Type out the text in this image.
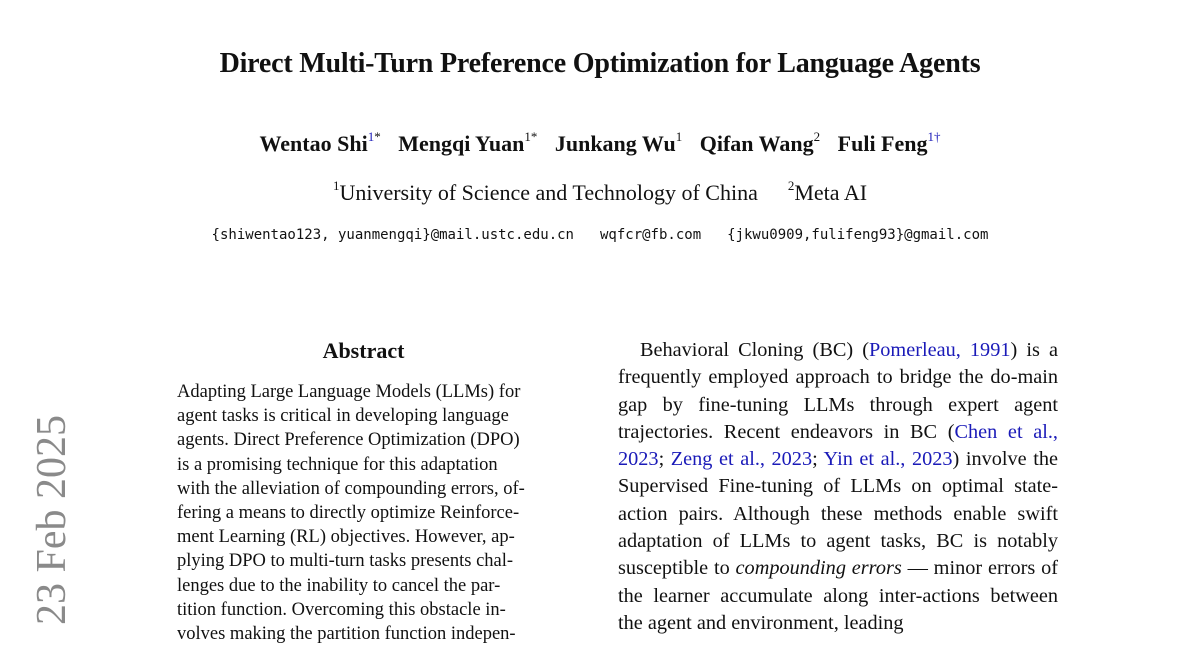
Direct Multi-Turn Preference Optimization for Language Agents
Wentao Shi$^{1*}$ Mengqi Yuan$^{1*}$ Junkang Wu$^1$ Qifan Wang$^2$ Fuli Feng$^{1\dagger}$
$^1$University of Science and Technology of China $^2$Meta AI
{shiwentao123, yuanmengqi}@mail.ustc.edu.cn wqfcr@fb.com {jkwu0909,fulifeng93}@gmail.com
Abstract
Adapting Large Language Models (LLMs) for
agent tasks is critical in developing language
agents. Direct Preference Optimization (DPO)
is a promising technique for this adaptation
with the alleviation of compounding errors, of-
fering a means to directly optimize Reinforce-
ment Learning (RL) objectives. However, ap-
plying DPO to multi-turn tasks presents chal-
lenges due to the inability to cancel the par-
tition function. Overcoming this obstacle in-
volves making the partition function indepen-

Behavioral Cloning (BC) (Pomerleau, 1991) is a frequently employed approach to bridge the do-main gap by fine-tuning LLMs through expert agent trajectories. Recent endeavors in BC (Chen et al., 2023; Zeng et al., 2023; Yin et al., 2023) involve the Supervised Fine-tuning of LLMs on optimal state-action pairs. Although these methods enable swift adaptation of LLMs to agent tasks, BC is notably susceptible to compounding errors — minor errors of the learner accumulate along inter-actions between the agent and environment, leading

23 Feb 2025
